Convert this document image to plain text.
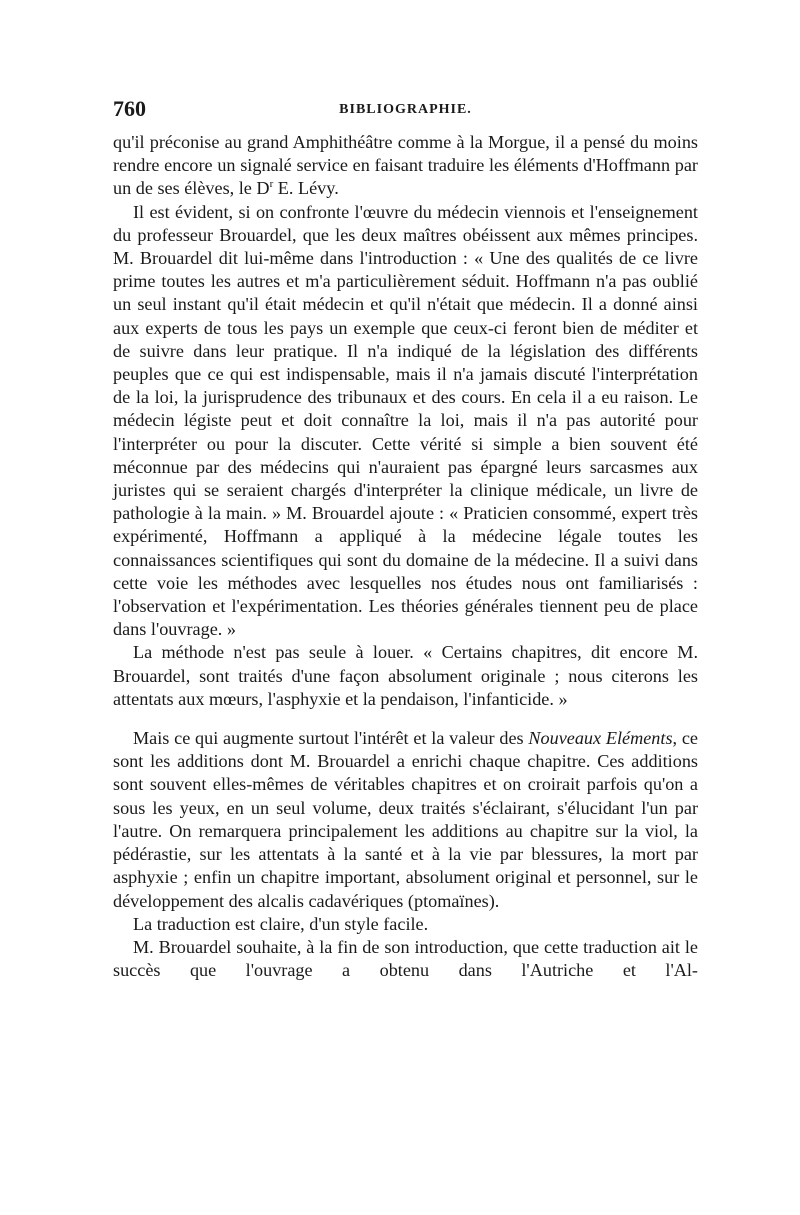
760	BIBLIOGRAPHIE.

qu'il préconise au grand Amphithéâtre comme à la Morgue, il a pensé du moins rendre encore un signalé service en faisant traduire les éléments d'Hoffmann par un de ses élèves, le $D^r$ E. Lévy.

Il est évident, si on confronte l'œuvre du médecin viennois et l'enseignement du professeur Brouardel, que les deux maîtres obéissent aux mêmes principes. M. Brouardel dit lui-même dans l'introduction : « Une des qualités de ce livre prime toutes les autres et m'a particulièrement séduit. Hoffmann n'a pas oublié un seul instant qu'il était médecin et qu'il n'était que médecin. Il a donné ainsi aux experts de tous les pays un exemple que ceux-ci feront bien de méditer et de suivre dans leur pratique. Il n'a indiqué de la législation des différents peuples que ce qui est indispensable, mais il n'a jamais discuté l'interprétation de la loi, la jurisprudence des tribunaux et des cours. En cela il a eu raison. Le médecin légiste peut et doit connaître la loi, mais il n'a pas autorité pour l'interpréter ou pour la discuter. Cette vérité si simple a bien souvent été méconnue par des médecins qui n'auraient pas épargné leurs sarcasmes aux juristes qui se seraient chargés d'interpréter la clinique médicale, un livre de pathologie à la main. » M. Brouardel ajoute : « Praticien consommé, expert très expérimenté, Hoffmann a appliqué à la médecine légale toutes les connaissances scientifiques qui sont du domaine de la médecine. Il a suivi dans cette voie les méthodes avec lesquelles nos études nous ont familiarisés : l'observation et l'expérimentation. Les théories générales tiennent peu de place dans l'ouvrage. »

La méthode n'est pas seule à louer. « Certains chapitres, dit encore M. Brouardel, sont traités d'une façon absolument originale ; nous citerons les attentats aux mœurs, l'asphyxie et la pendaison, l'infanticide. »

Mais ce qui augmente surtout l'intérêt et la valeur des Nouveaux Eléments, ce sont les additions dont M. Brouardel a enrichi chaque chapitre. Ces additions sont souvent elles-mêmes de véritables chapitres et on croirait parfois qu'on a sous les yeux, en un seul volume, deux traités s'éclairant, s'élucidant l'un par l'autre. On remarquera principalement les additions au chapitre sur la viol, la pédérastie, sur les attentats à la santé et à la vie par blessures, la mort par asphyxie ; enfin un chapitre important, absolument original et personnel, sur le développement des alcalis cadavériques (ptomaïnes).

La traduction est claire, d'un style facile.

M. Brouardel souhaite, à la fin de son introduction, que cette traduction ait le succès que l'ouvrage a obtenu dans l'Autriche et l'Al-
